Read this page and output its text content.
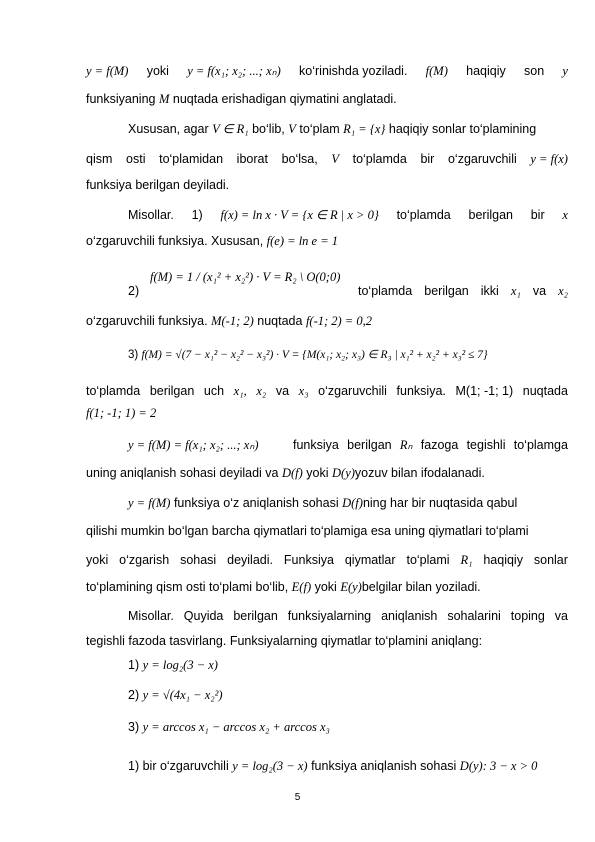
y = f(M) yoki y = f(x₁; x₂; ...; xₙ) ko‘rinishda yoziladi. f(M) haqiqiy son y
funksiyaning M nuqtada erishadigan qiymatini anglatadi.
Xususan, agar V ∈ R₁ bo‘lib, V to‘plam R₁ = {x} haqiqiy sonlar to‘plamining
qism osti to‘plamidan iborat bo‘lsa, V to‘plamda bir o‘zgaruvchili y = f(x)
funksiya berilgan deyiladi.
Misollar. 1) f(x) = ln x · V = {x ∈ R | x > 0} to‘plamda berilgan bir x
o‘zgaruvchili funksiya. Xususan, f(e) = ln e = 1
2)
f(M) = 1 / (x₁² + x₂²) · V = R₂ \ O(0;0)
to‘plamda berilgan ikki x₁ va x₂
o‘zgaruvchili funksiya. M(-1; 2) nuqtada f(-1; 2) = 0,2
3) f(M) = √(7 − x₁² − x₂² − x₃²) · V = {M(x₁; x₂; x₃) ∈ R₃ | x₁² + x₂² + x₃² ≤ 7}
to‘plamda berilgan uch x₁, x₂ va x₃ o‘zgaruvchili funksiya. M(1; -1; 1) nuqtada
f(1; -1; 1) = 2
y = f(M) = f(x₁; x₂; ...; xₙ)	funksiya berilgan Rₙ fazoga tegishli to‘plamga
uning aniqlanish sohasi deyiladi va D(f) yoki D(y)yozuv bilan ifodalanadi.
y = f(M) funksiya o‘z aniqlanish sohasi D(f)ning har bir nuqtasida qabul
qilishi mumkin bo‘lgan barcha qiymatlari to‘plamiga esa uning qiymatlari to‘plami
yoki o‘zgarish sohasi deyiladi. Funksiya qiymatlar to‘plami R₁ haqiqiy sonlar
to‘plamining qism osti to‘plami bo‘lib, E(f) yoki E(y)belgilar bilan yoziladi.
Misollar. Quyida berilgan funksiyalarning aniqlanish sohalarini toping va
tegishli fazoda tasvirlang. Funksiyalarning qiymatlar to‘plamini aniqlang:
1) y = log₂(3 − x)
2) y = √(4x₁ − x₂²)
3) y = arccos x₁ − arccos x₂ + arccos x₃
1) bir o‘zgaruvchili y = log₂(3 − x) funksiya aniqlanish sohasi D(y): 3 − x > 0
5
